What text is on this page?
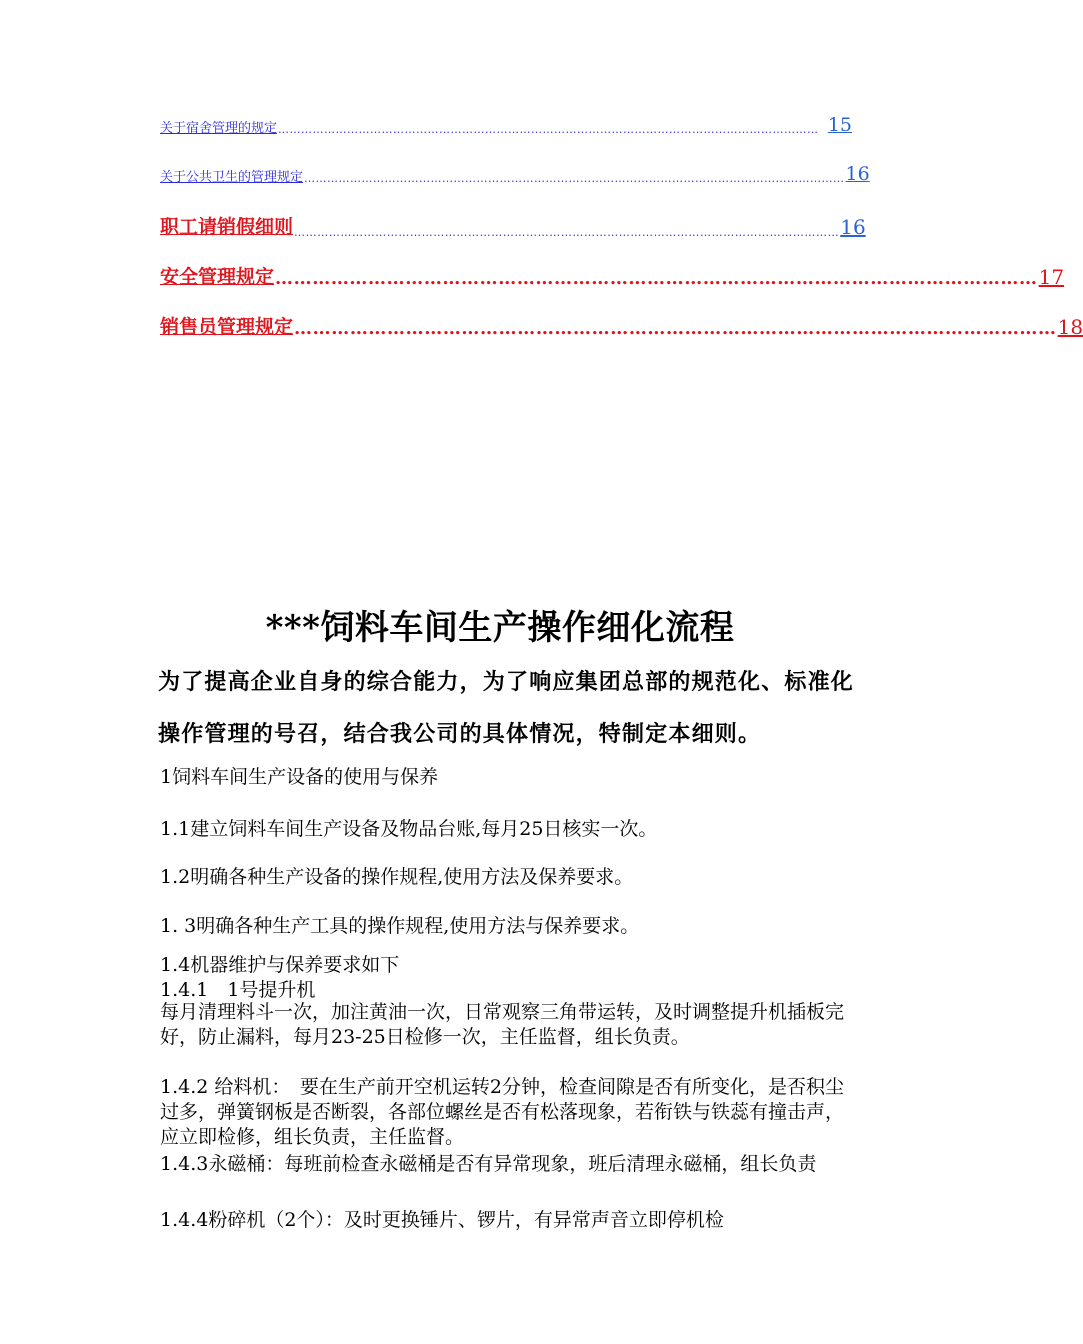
关于宿舍管理的规定 …………………………………………………………………………………………………………………………… 15
关于公共卫生的管理规定 …………………………………………………………………………………………………………………………… 16
职工请销假细则 …………………………………………………………………………………………………………………………… 16
安全管理规定 …………………………………………………………………………………………………………… 17
销售员管理规定 …………………………………………………………………………………………………………… 18
***饲料车间生产操作细化流程
为了提高企业自身的综合能力，为了响应集团总部的规范化、标准化操作管理的号召，结合我公司的具体情况，特制定本细则。
1饲料车间生产设备的使用与保养
1.1建立饲料车间生产设备及物品台账,每月25日核实一次。
1.2明确各种生产设备的操作规程,使用方法及保养要求。
1. 3明确各种生产工具的操作规程,使用方法与保养要求。
1.4机器维护与保养要求如下
1.4.1　1号提升机
每月清理料斗一次，加注黄油一次，日常观察三角带运转，及时调整提升机插板完好，防止漏料，每月23-25日检修一次，主任监督，组长负责。
1.4.2 给料机：　要在生产前开空机运转2分钟，检查间隙是否有所变化，是否积尘过多，弹簧钢板是否断裂，各部位螺丝是否有松落现象，若衔铁与铁蕊有撞击声，应立即检修，组长负责，主任监督。
1.4.3永磁桶：每班前检查永磁桶是否有异常现象，班后清理永磁桶，组长负责
1.4.4粉碎机（2个）：及时更换锤片、锣片，有异常声音立即停机检
